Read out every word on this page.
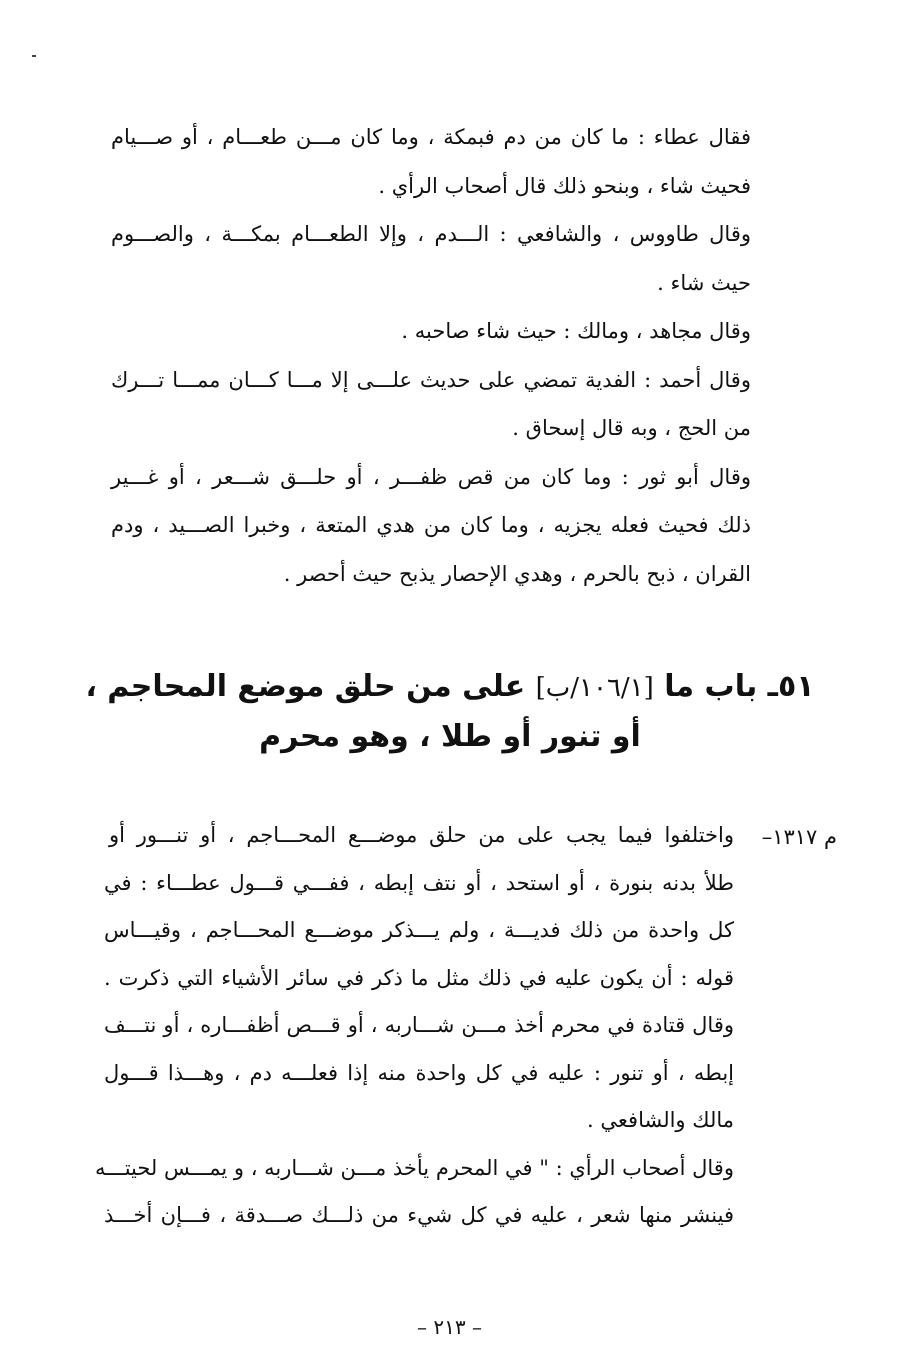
فقال عطاء : ما كان من دم فبمكة ، وما كان مـــن طعـــام ، أو صـــيام
فحيث شاء ، وبنحو ذلك قال أصحاب الرأي .
وقال طاووس ، والشافعي : الـــدم ، وإلا الطعـــام بمكـــة ، والصـــوم
حيث شاء .
وقال مجاهد ، ومالك : حيث شاء صاحبه .
وقال أحمد : الفدية تمضي على حديث علـــى إلا مـــا كـــان ممـــا تـــرك
من الحج ، وبه قال إسحاق .
وقال أبو ثور : وما كان من قص ظفـــر ، أو حلـــق شـــعر ، أو غـــير
ذلك فحيث فعله يجزيه ، وما كان من هدي المتعة ، وخبرا الصـــيد ، ودم
القران ، ذبح بالحرم ، وهدي الإحصار يذبح حيث أحصر .
٥١ـ باب ما [١٠٦/١/ب] على من حلق موضع المحاجم ،
أو تنور أو طلا ، وهو محرم
م ١٣١٧–
واختلفوا فيما يجب على من حلق موضـــع المحـــاجم ، أو تنـــور أو
طلأ بدنه بنورة ، أو استحد ، أو نتف إبطه ، ففـــي قـــول عطـــاء : في
كل واحدة من ذلك فديـــة ، ولم يـــذكر موضـــع المحـــاجم ، وقيـــاس
قوله : أن يكون عليه في ذلك مثل ما ذكر في سائر الأشياء التي ذكرت .
وقال قتادة في محرم أخذ مـــن شـــاربه ، أو قـــص أظفـــاره ، أو نتـــف
إبطه ، أو تنور : عليه في كل واحدة منه إذا فعلـــه دم ، وهـــذا قـــول
مالك والشافعي .
وقال أصحاب الرأي : " في المحرم يأخذ مـــن شـــاربه ، و يمـــس لحيتـــه
فينشر منها شعر ، عليه في كل شيء من ذلـــك صـــدقة ، فـــإن أخـــذ
– ٢١٣ –
